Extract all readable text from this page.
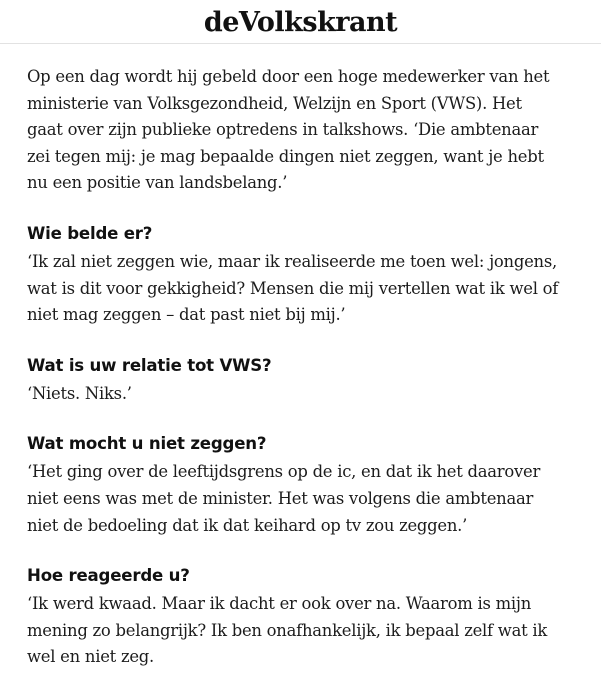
deVolkskrant

Op een dag wordt hij gebeld door een hoge medewerker van het ministerie van Volksgezondheid, Welzijn en Sport (VWS). Het gaat over zijn publieke optredens in talkshows. ‘Die ambtenaar zei tegen mij: je mag bepaalde dingen niet zeggen, want je hebt nu een positie van landsbelang.’

Wie belde er?

‘Ik zal niet zeggen wie, maar ik realiseerde me toen wel: jongens, wat is dit voor gekkigheid? Mensen die mij vertellen wat ik wel of niet mag zeggen – dat past niet bij mij.’

Wat is uw relatie tot VWS?

‘Niets. Niks.’

Wat mocht u niet zeggen?

‘Het ging over de leeftijdsgrens op de ic, en dat ik het daarover niet eens was met de minister. Het was volgens die ambtenaar niet de bedoeling dat ik dat keihard op tv zou zeggen.’

Hoe reageerde u?

‘Ik werd kwaad. Maar ik dacht er ook over na. Waarom is mijn mening zo belangrijk? Ik ben onafhankelijk, ik bepaal zelf wat ik wel en niet zeg.
